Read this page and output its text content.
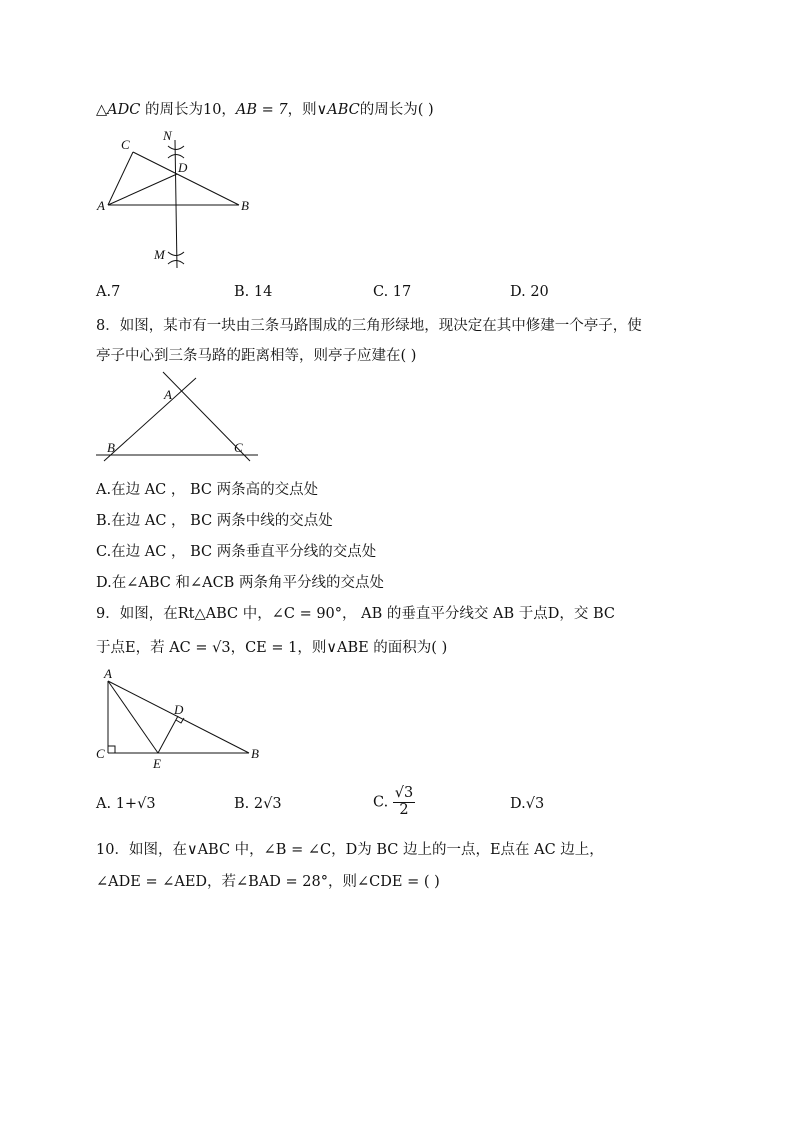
△ADC 的周长为10，AB = 7，则∨ABC的周长为( )
C
N
D
A	B
M
A.7	B. 14	C. 17	D. 20
8．如图，某市有一块由三条马路围成的三角形绿地，现决定在其中修建一个亭子，使
亭子中心到三条马路的距离相等，则亭子应建在( )
A
B	C
A.在边 AC ， BC 两条高的交点处
B.在边 AC ， BC 两条中线的交点处
C.在边 AC ， BC 两条垂直平分线的交点处
D.在∠ABC 和∠ACB 两条角平分线的交点处
9．如图，在Rt△ABC 中，∠C = 90°， AB 的垂直平分线交 AB 于点D，交 BC
于点E，若 AC = √3，CE = 1，则∨ABE 的面积为( )
A
D
C
E
B
A. 1+√3	B. 2√3	C. $\frac{√3}{2}$	D.√3
10．如图，在∨ABC 中，∠B = ∠C，D为 BC 边上的一点，E点在 AC 边上，
∠ADE = ∠AED，若∠BAD = 28°，则∠CDE = ( )
